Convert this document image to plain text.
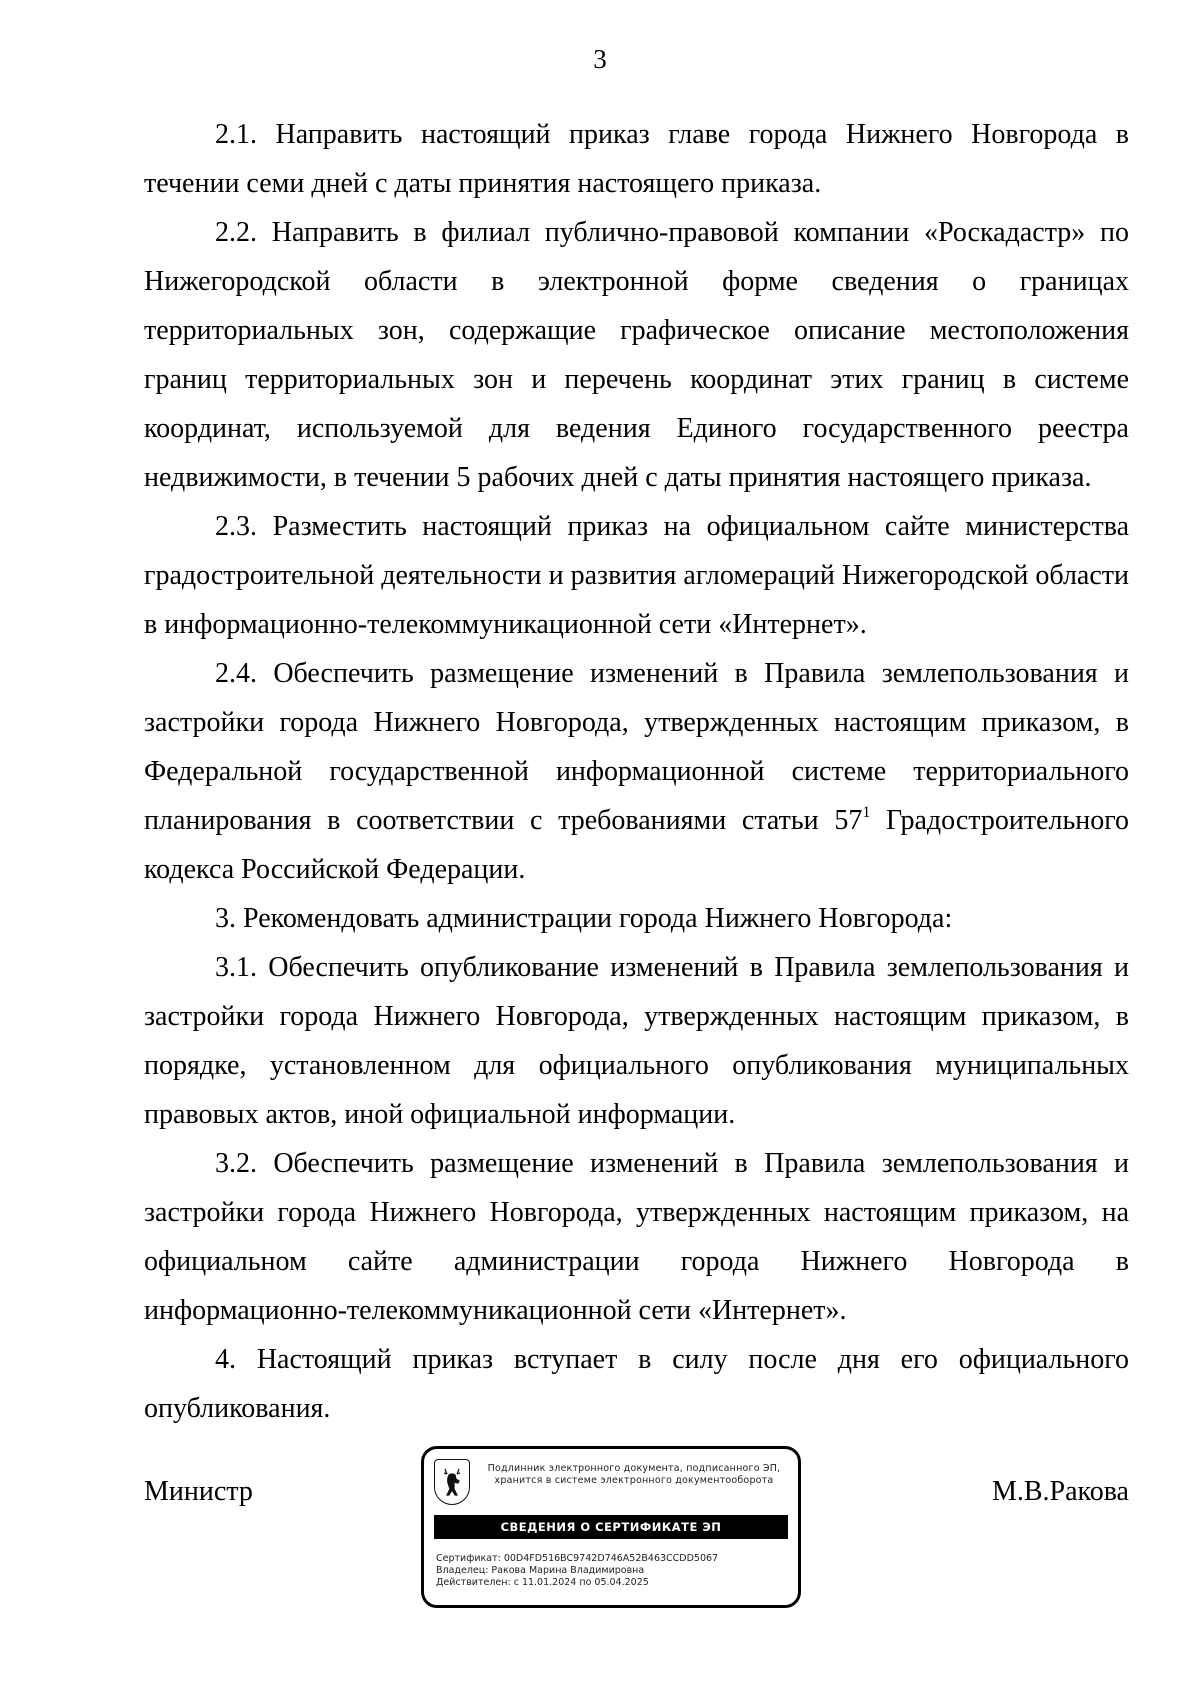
3

2.1. Направить настоящий приказ главе города Нижнего Новгорода в течении семи дней с даты принятия настоящего приказа.

2.2. Направить в филиал публично-правовой компании «Роскадастр» по Нижегородской области в электронной форме сведения о границах территориальных зон, содержащие графическое описание местоположения границ территориальных зон и перечень координат этих границ в системе координат, используемой для ведения Единого государственного реестра недвижимости, в течении 5 рабочих дней с даты принятия настоящего приказа.

2.3. Разместить настоящий приказ на официальном сайте министерства градостроительной деятельности и развития агломераций Нижегородской области в информационно-телекоммуникационной сети «Интернет».

2.4. Обеспечить размещение изменений в Правила землепользования и застройки города Нижнего Новгорода, утвержденных настоящим приказом, в Федеральной государственной информационной системе территориального планирования в соответствии с требованиями статьи $57^1$ Градостроительного кодекса Российской Федерации.

3. Рекомендовать администрации города Нижнего Новгорода:

3.1. Обеспечить опубликование изменений в Правила землепользования и застройки города Нижнего Новгорода, утвержденных настоящим приказом, в порядке, установленном для официального опубликования муниципальных правовых актов, иной официальной информации.

3.2. Обеспечить размещение изменений в Правила землепользования и застройки города Нижнего Новгорода, утвержденных настоящим приказом, на официальном сайте администрации города Нижнего Новгорода в информационно-телекоммуникационной сети «Интернет».

4. Настоящий приказ вступает в силу после дня его официального опубликования.

Министр	М.В.Ракова
Подлинник электронного документа, подписанного ЭП,
хранится в системе электронного документооборота
СВЕДЕНИЯ О СЕРТИФИКАТЕ ЭП
Сертификат: 00D4FD516BC9742D746A52B463CCDD5067
Владелец: Ракова Марина Владимировна
Действителен: с 11.01.2024 по 05.04.2025
